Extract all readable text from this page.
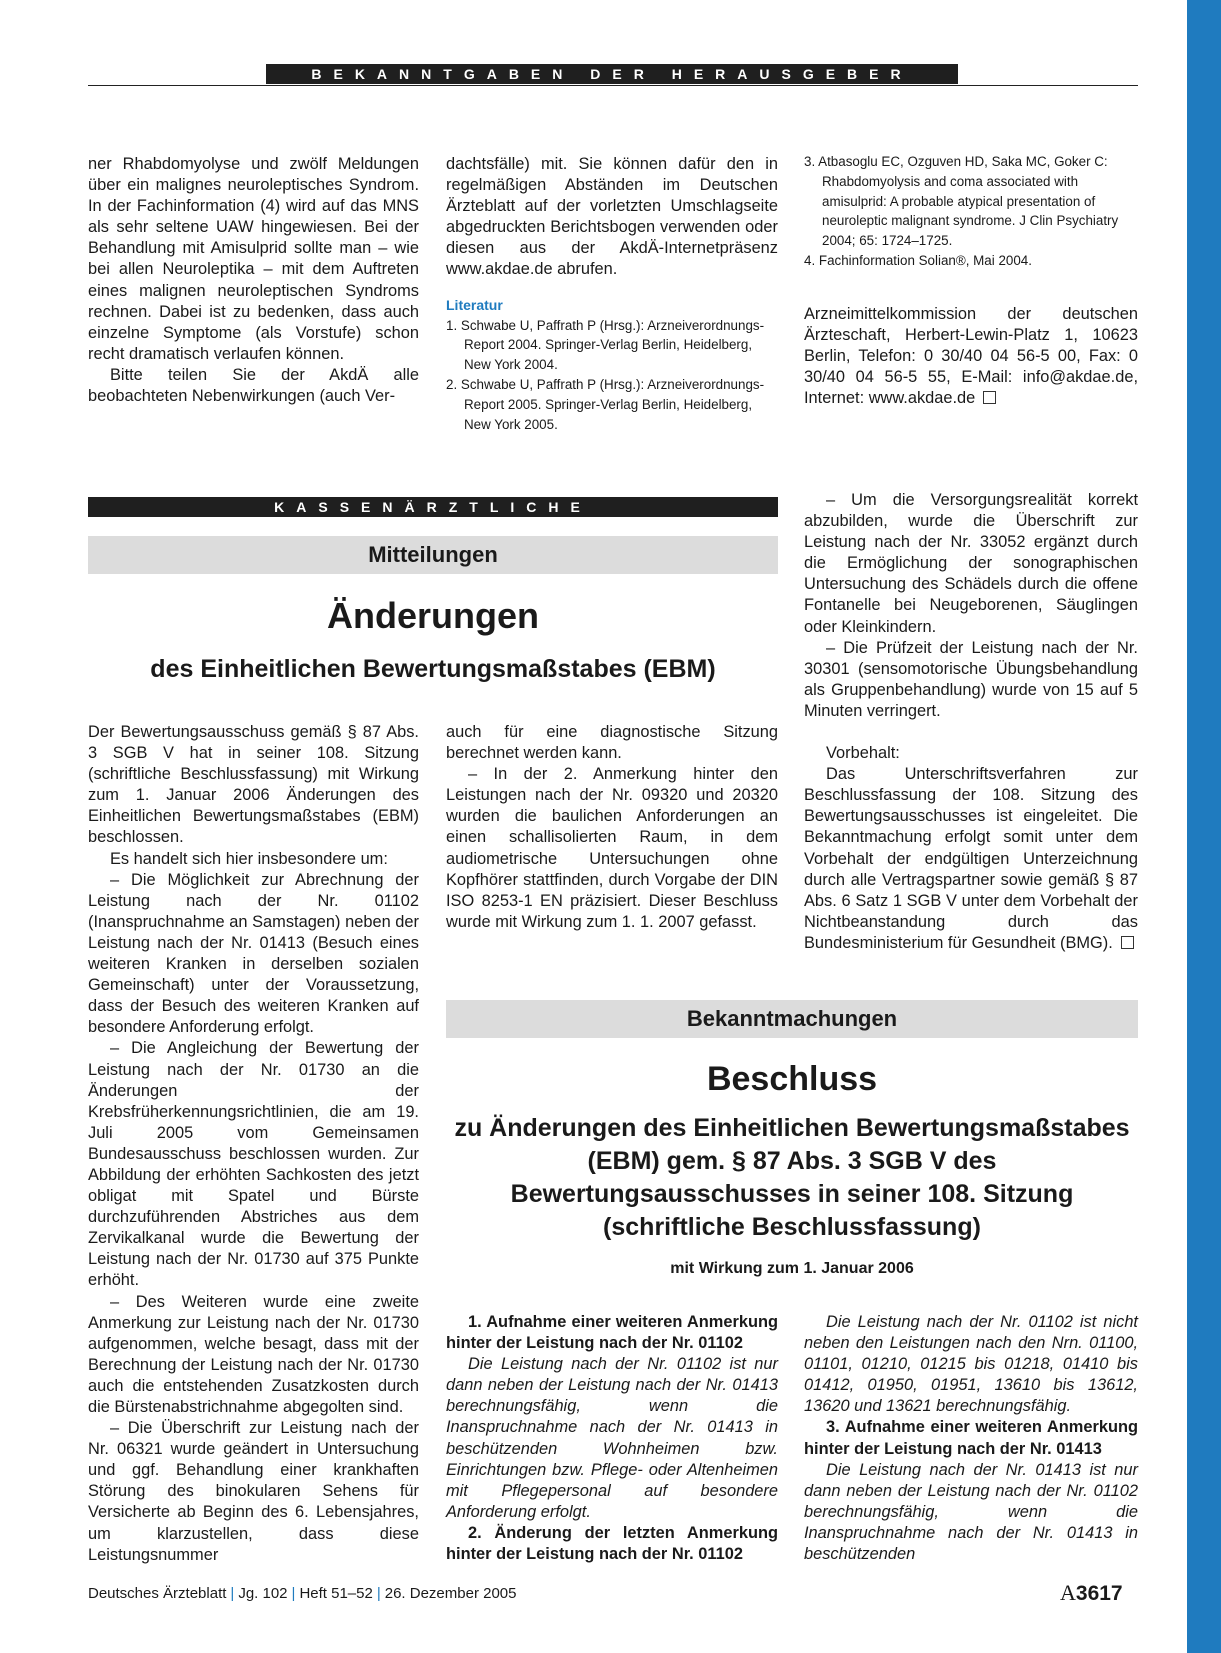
BEKANNTGABEN DER HERAUSGEBER

ner Rhabdomyolyse und zwölf Meldungen über ein malignes neuroleptisches Syndrom. In der Fachinformation (4) wird auf das MNS als sehr seltene UAW hingewiesen. Bei der Behandlung mit Amisulprid sollte man – wie bei allen Neuroleptika – mit dem Auftreten eines malignen neuroleptischen Syndroms rechnen. Dabei ist zu bedenken, dass auch einzelne Symptome (als Vorstufe) schon recht dramatisch verlaufen können.

Bitte teilen Sie der AkdÄ alle beobachteten Nebenwirkungen (auch Ver-

dachtsfälle) mit. Sie können dafür den in regelmäßigen Abständen im Deutschen Ärzteblatt auf der vorletzten Umschlagseite abgedruckten Berichtsbogen verwenden oder diesen aus der AkdÄ-Internetpräsenz www.akdae.de abrufen.

Literatur

1. Schwabe U, Paffrath P (Hrsg.): Arzneiverordnungs-Report 2004. Springer-Verlag Berlin, Heidelberg, New York 2004.

2. Schwabe U, Paffrath P (Hrsg.): Arzneiverordnungs-Report 2005. Springer-Verlag Berlin, Heidelberg, New York 2005.

3. Atbasoglu EC, Ozguven HD, Saka MC, Goker C: Rhabdomyolysis and coma associated with amisulprid: A probable atypical presentation of neuroleptic malignant syndrome. J Clin Psychiatry 2004; 65: 1724–1725.

4. Fachinformation Solian®, Mai 2004.

Arzneimittelkommission der deutschen Ärzteschaft, Herbert-Lewin-Platz 1, 10623 Berlin, Telefon: 0 30/40 04 56-5 00, Fax: 0 30/40 04 56-5 55, E-Mail: info@akdae.de, Internet: www.akdae.de

KASSENÄRZTLICHE BUNDESVEREINIGUNG
Mitteilungen
Änderungen
des Einheitlichen Bewertungsmaßstabes (EBM)

Der Bewertungsausschuss gemäß § 87 Abs. 3 SGB V hat in seiner 108. Sitzung (schriftliche Beschlussfassung) mit Wirkung zum 1. Januar 2006 Änderungen des Einheitlichen Bewertungsmaßstabes (EBM) beschlossen.

Es handelt sich hier insbesondere um:

– Die Möglichkeit zur Abrechnung der Leistung nach der Nr. 01102 (Inanspruchnahme an Samstagen) neben der Leistung nach der Nr. 01413 (Besuch eines weiteren Kranken in derselben sozialen Gemeinschaft) unter der Voraussetzung, dass der Besuch des weiteren Kranken auf besondere Anforderung erfolgt.

– Die Angleichung der Bewertung der Leistung nach der Nr. 01730 an die Änderungen der Krebsfrüherkennungsrichtlinien, die am 19. Juli 2005 vom Gemeinsamen Bundesausschuss beschlossen wurden. Zur Abbildung der erhöhten Sachkosten des jetzt obligat mit Spatel und Bürste durchzuführenden Abstriches aus dem Zervikalkanal wurde die Bewertung der Leistung nach der Nr. 01730 auf 375 Punkte erhöht.

– Des Weiteren wurde eine zweite Anmerkung zur Leistung nach der Nr. 01730 aufgenommen, welche besagt, dass mit der Berechnung der Leistung nach der Nr. 01730 auch die entstehenden Zusatzkosten durch die Bürstenabstrichnahme abgegolten sind.

– Die Überschrift zur Leistung nach der Nr. 06321 wurde geändert in Untersuchung und ggf. Behandlung einer krankhaften Störung des binokularen Sehens für Versicherte ab Beginn des 6. Lebensjahres, um klarzustellen, dass diese Leistungsnummer

auch für eine diagnostische Sitzung berechnet werden kann.

– In der 2. Anmerkung hinter den Leistungen nach der Nr. 09320 und 20320 wurden die baulichen Anforderungen an einen schallisolierten Raum, in dem audiometrische Untersuchungen ohne Kopfhörer stattfinden, durch Vorgabe der DIN ISO 8253-1 EN präzisiert. Dieser Beschluss wurde mit Wirkung zum 1. 1. 2007 gefasst.

– Um die Versorgungsrealität korrekt abzubilden, wurde die Überschrift zur Leistung nach der Nr. 33052 ergänzt durch die Ermöglichung der sonographischen Untersuchung des Schädels durch die offene Fontanelle bei Neugeborenen, Säuglingen oder Kleinkindern.

– Die Prüfzeit der Leistung nach der Nr. 30301 (sensomotorische Übungsbehandlung als Gruppenbehandlung) wurde von 15 auf 5 Minuten verringert.

Vorbehalt:

Das Unterschriftsverfahren zur Beschlussfassung der 108. Sitzung des Bewertungsausschusses ist eingeleitet. Die Bekanntmachung erfolgt somit unter dem Vorbehalt der endgültigen Unterzeichnung durch alle Vertragspartner sowie gemäß § 87 Abs. 6 Satz 1 SGB V unter dem Vorbehalt der Nichtbeanstandung durch das Bundesministerium für Gesundheit (BMG).

Bekanntmachungen
Beschluss
zu Änderungen des Einheitlichen Bewertungsmaßstabes
(EBM) gem. § 87 Abs. 3 SGB V des
Bewertungsausschusses in seiner 108. Sitzung
(schriftliche Beschlussfassung)
mit Wirkung zum 1. Januar 2006

1. Aufnahme einer weiteren Anmerkung hinter der Leistung nach der Nr. 01102

Die Leistung nach der Nr. 01102 ist nur dann neben der Leistung nach der Nr. 01413 berechnungsfähig, wenn die Inanspruchnahme nach der Nr. 01413 in beschützenden Wohnheimen bzw. Einrichtungen bzw. Pflege- oder Altenheimen mit Pflegepersonal auf besondere Anforderung erfolgt.

2. Änderung der letzten Anmerkung hinter der Leistung nach der Nr. 01102

Die Leistung nach der Nr. 01102 ist nicht neben den Leistungen nach den Nrn. 01100, 01101, 01210, 01215 bis 01218, 01410 bis 01412, 01950, 01951, 13610 bis 13612, 13620 und 13621 berechnungsfähig.

3. Aufnahme einer weiteren Anmerkung hinter der Leistung nach der Nr. 01413

Die Leistung nach der Nr. 01413 ist nur dann neben der Leistung nach der Nr. 01102 berechnungsfähig, wenn die Inanspruchnahme nach der Nr. 01413 in beschützenden

Deutsches Ärzteblatt | Jg. 102 | Heft 51–52 | 26. Dezember 2005	A3617
